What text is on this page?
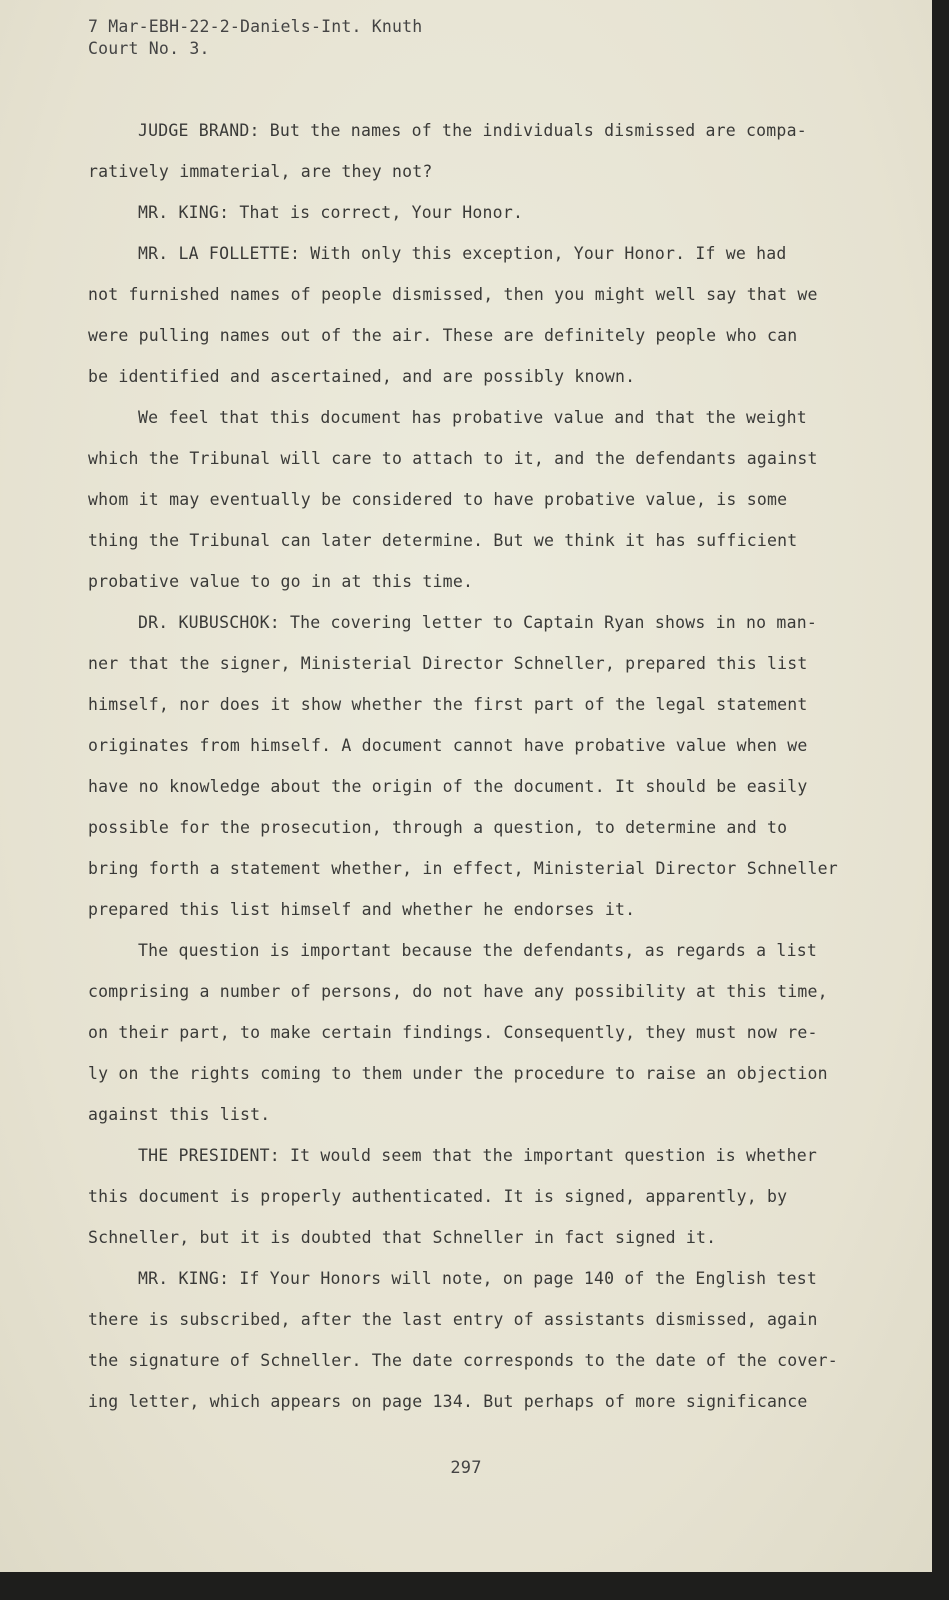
7 Mar-EBH-22-2-Daniels-Int. Knuth
Court No. 3.
JUDGE BRAND: But the names of the individuals dismissed are compa-
ratively immaterial, are they not?
MR. KING: That is correct, Your Honor.
MR. LA FOLLETTE: With only this exception, Your Honor. If we had
not furnished names of people dismissed, then you might well say that we
were pulling names out of the air. These are definitely people who can
be identified and ascertained, and are possibly known.
We feel that this document has probative value and that the weight
which the Tribunal will care to attach to it, and the defendants against
whom it may eventually be considered to have probative value, is some
thing the Tribunal can later determine. But we think it has sufficient
probative value to go in at this time.
DR. KUBUSCHOK: The covering letter to Captain Ryan shows in no man-
ner that the signer, Ministerial Director Schneller, prepared this list
himself, nor does it show whether the first part of the legal statement
originates from himself. A document cannot have probative value when we
have no knowledge about the origin of the document. It should be easily
possible for the prosecution, through a question, to determine and to
bring forth a statement whether, in effect, Ministerial Director Schneller
prepared this list himself and whether he endorses it.
The question is important because the defendants, as regards a list
comprising a number of persons, do not have any possibility at this time,
on their part, to make certain findings. Consequently, they must now re-
ly on the rights coming to them under the procedure to raise an objection
against this list.
THE PRESIDENT: It would seem that the important question is whether
this document is properly authenticated. It is signed, apparently, by
Schneller, but it is doubted that Schneller in fact signed it.
MR. KING: If Your Honors will note, on page 140 of the English test
there is subscribed, after the last entry of assistants dismissed, again
the signature of Schneller. The date corresponds to the date of the cover-
ing letter, which appears on page 134. But perhaps of more significance
297
